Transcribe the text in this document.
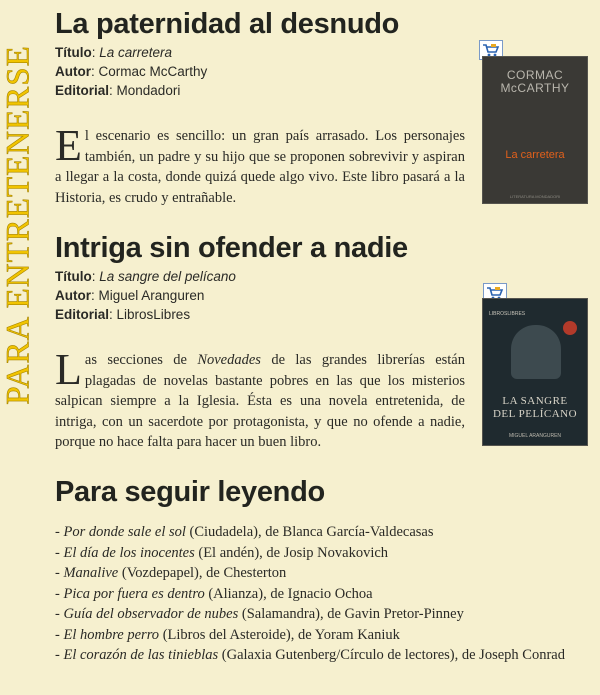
PARA ENTRETENERSE
La paternidad al desnudo
Título: La carretera
Autor: Cormac McCarthy
Editorial: Mondadori
El escenario es sencillo: un gran país arrasado. Los personajes también, un padre y su hijo que se proponen sobrevivir y aspiran a llegar a la costa, donde quizá quede algo vivo. Este libro pasará a la Historia, es crudo y entrañable.
CORMAC McCARTHY
La carretera
LITERATURA MONDADORI
Intriga sin ofender a nadie
Título: La sangre del pelícano
Autor: Miguel Aranguren
Editorial: LibrosLibres
Las secciones de Novedades de las grandes librerías están plagadas de novelas bastante pobres en las que los misterios salpican siempre a la Iglesia. Ésta es una novela entretenida, de intriga, con un sacerdote por protagonista, y que no ofende a nadie, porque no hace falta para hacer un buen libro.
LIBROSLIBRES
LA SANGRE
DEL PELÍCANO
MIGUEL ARANGUREN
Para seguir leyendo
- Por donde sale el sol (Ciudadela), de Blanca García-Valdecasas
- El día de los inocentes (El andén), de Josip Novakovich
- Manalive (Vozdepapel), de Chesterton
- Pica por fuera es dentro (Alianza), de Ignacio Ochoa
- Guía del observador de nubes (Salamandra), de Gavin Pretor-Pinney
- El hombre perro (Libros del Asteroide), de Yoram Kaniuk
- El corazón de las tinieblas (Galaxia Gutenberg/Círculo de lectores), de Joseph Conrad
